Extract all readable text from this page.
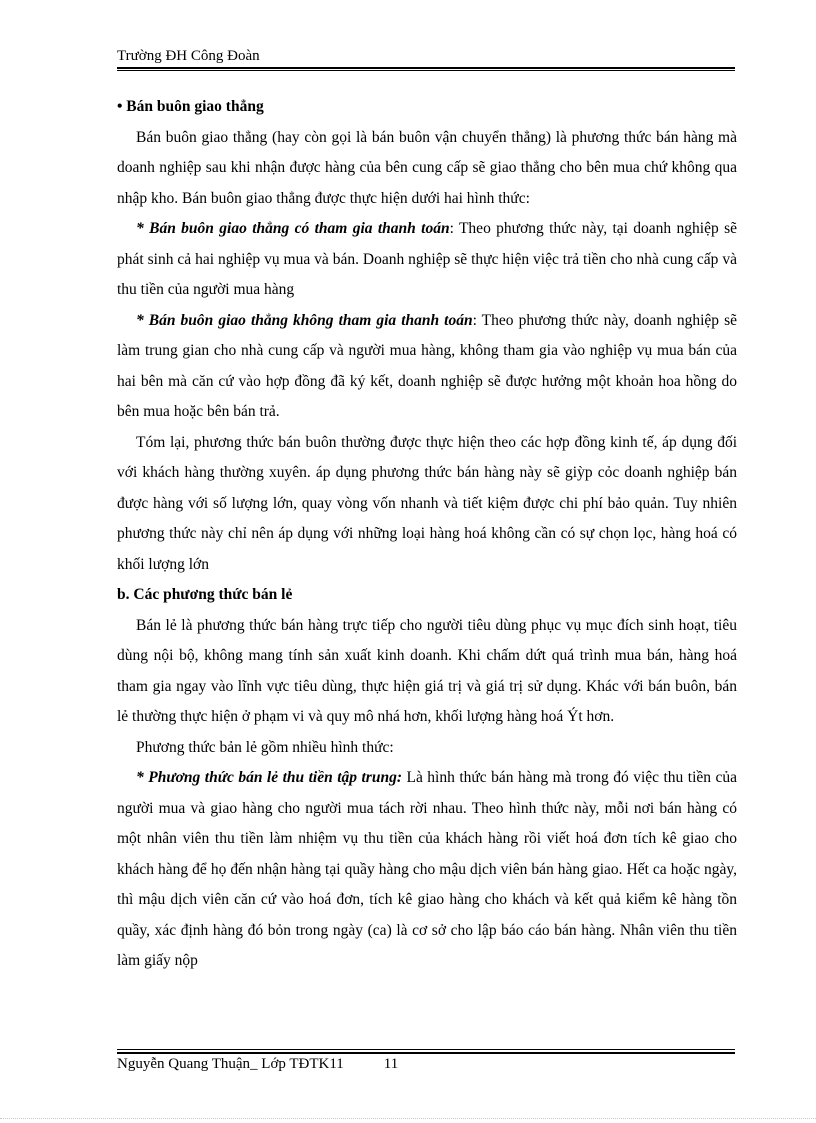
Trường ĐH Công Đoàn

• Bán buôn giao thẳng

Bán buôn giao thẳng (hay còn gọi là bán buôn vận chuyển thẳng) là phương thức bán hàng mà doanh nghiệp sau khi nhận được hàng của bên cung cấp sẽ giao thẳng cho bên mua chứ không qua nhập kho. Bán buôn giao thẳng được thực hiện dưới hai hình thức:

* Bán buôn giao thẳng có tham gia thanh toán: Theo phương thức này, tại doanh nghiệp sẽ phát sinh cả hai nghiệp vụ mua và bán. Doanh nghiệp sẽ thực hiện việc trả tiền cho nhà cung cấp và thu tiền của người mua hàng

* Bán buôn giao thẳng không tham gia thanh toán: Theo phương thức này, doanh nghiệp sẽ làm trung gian cho nhà cung cấp và người mua hàng, không tham gia vào nghiệp vụ mua bán của hai bên mà căn cứ vào hợp đồng đã ký kết, doanh nghiệp sẽ được hưởng một khoản hoa hồng do bên mua hoặc bên bán trả.

Tóm lại, phương thức bán buôn thường được thực hiện theo các hợp đồng kinh tế, áp dụng đối với khách hàng thường xuyên. áp dụng phương thức bán hàng này sẽ giỳp cỏc doanh nghiệp bán được hàng với số lượng lớn, quay vòng vốn nhanh và tiết kiệm được chi phí bảo quản. Tuy nhiên phương thức này chỉ nên áp dụng với những loại hàng hoá không cần có sự chọn lọc, hàng hoá có khối lượng lớn

b. Các phương thức bán lẻ

Bán lẻ là phương thức bán hàng trực tiếp cho người tiêu dùng phục vụ mục đích sinh hoạt, tiêu dùng nội bộ, không mang tính sản xuất kinh doanh. Khi chấm dứt quá trình mua bán, hàng hoá tham gia ngay vào lĩnh vực tiêu dùng, thực hiện giá trị và giá trị sử dụng. Khác với bán buôn, bán lẻ thường thực hiện ở phạm vi và quy mô nhá hơn, khối lượng hàng hoá Ýt hơn.

Phương thức bản lẻ gồm nhiều hình thức:

* Phương thức bán lẻ thu tiền tập trung: Là hình thức bán hàng mà trong đó việc thu tiền của người mua và giao hàng cho người mua tách rời nhau. Theo hình thức này, mỗi nơi bán hàng có một nhân viên thu tiền làm nhiệm vụ thu tiền của khách hàng rồi viết hoá đơn tích kê giao cho khách hàng để họ đến nhận hàng tại quầy hàng cho mậu dịch viên bán hàng giao. Hết ca hoặc ngày, thì mậu dịch viên căn cứ vào hoá đơn, tích kê giao hàng cho khách và kết quả kiểm kê hàng tồn quầy, xác định hàng đó bỏn trong ngày (ca) là cơ sở cho lập báo cáo bán hàng. Nhân viên thu tiền làm giấy nộp

Nguyễn Quang Thuận_ Lớp TĐTK11	11
